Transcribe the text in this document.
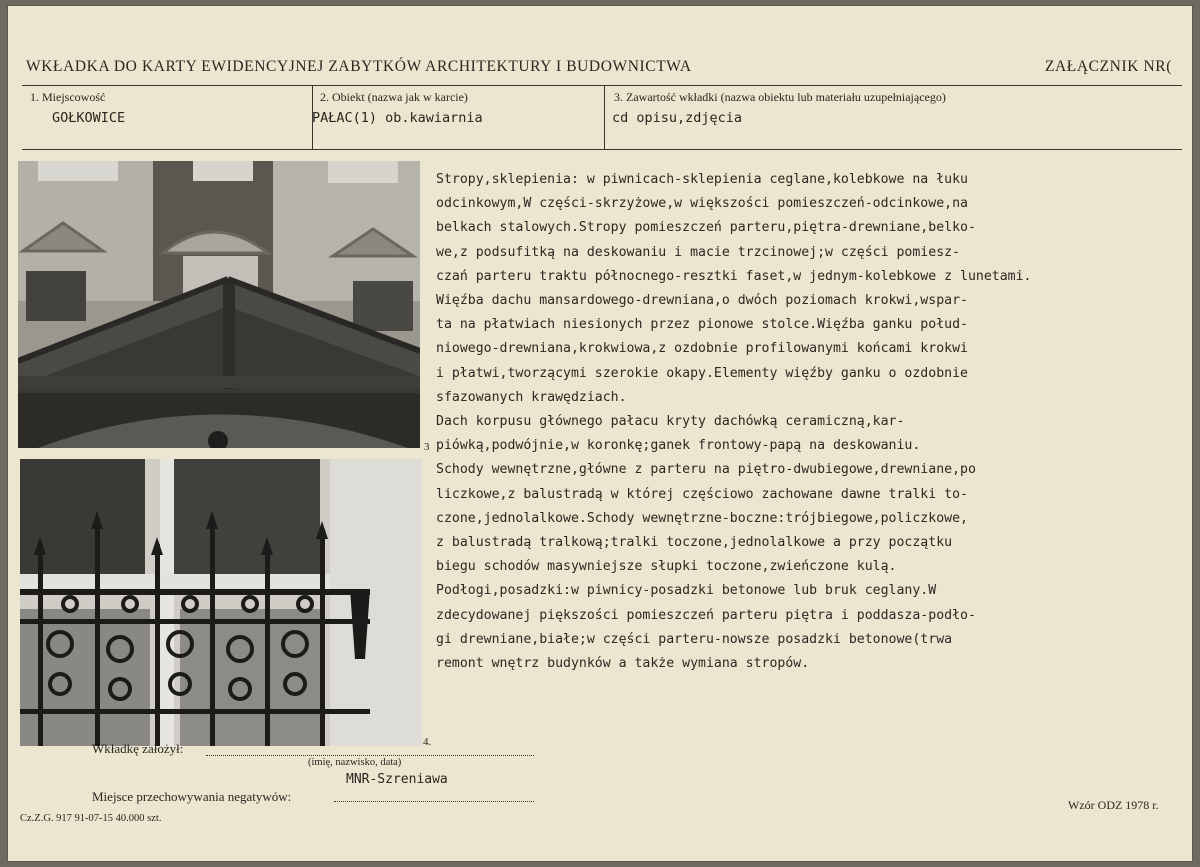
WKŁADKA DO KARTY EWIDENCYJNEJ ZABYTKÓW ARCHITEKTURY I BUDOWNICTWA	ZAŁĄCZNIK NR(
1. Miejscowość
GOŁKOWICE
2. Obiekt (nazwa jak w karcie)
PAŁAC(1) ob.kawiarnia
3. Zawartość wkładki (nazwa obiektu lub materiału uzupełniającego)
cd opisu,zdjęcia
3
4.
Stropy,sklepienia: w piwnicach-sklepienia ceglane,kolebkowe na łuku
odcinkowym,W części-skrzyżowe,w większości pomieszczeń-odcinkowe,na
belkach stalowych.Stropy pomieszczeń parteru,piętra-drewniane,belko-
we,z podsufitką na deskowaniu i macie trzcinowej;w części pomiesz-
czań parteru traktu północnego-resztki faset,w jednym-kolebkowe z lunetami.
Więźba dachu mansardowego-drewniana,o dwóch poziomach krokwi,wspar-
ta na płatwiach niesionych przez pionowe stolce.Więźba ganku połud-
niowego-drewniana,krokwiowa,z ozdobnie profilowanymi końcami krokwi
i płatwi,tworzącymi szerokie okapy.Elementy więźby ganku o ozdobnie
sfazowanych krawędziach.
Dach korpusu głównego pałacu kryty dachówką ceramiczną,kar-
piówką,podwójnie,w koronkę;ganek frontowy-papą na deskowaniu.
Schody wewnętrzne,główne z parteru na piętro-dwubiegowe,drewniane,po
liczkowe,z balustradą w której częściowo zachowane dawne tralki to-
czone,jednolalkowe.Schody wewnętrzne-boczne:trójbiegowe,policzkowe,
z balustradą tralkową;tralki toczone,jednolalkowe a przy początku
biegu schodów masywniejsze słupki toczone,zwieńczone kulą.
Podłogi,posadzki:w piwnicy-posadzki betonowe lub bruk ceglany.W
zdecydowanej piększości pomieszczeń parteru piętra i poddasza-podło-
gi drewniane,białe;w części parteru-nowsze posadzki betonowe(trwa
remont wnętrz budynków a także wymiana stropów.
Wkładkę założył:
(imię, nazwisko, data)
MNR-Szreniawa
Miejsce przechowywania negatywów:
Cz.Z.G. 917 91-07-15 40.000 szt.
Wzór ODZ 1978 r.
